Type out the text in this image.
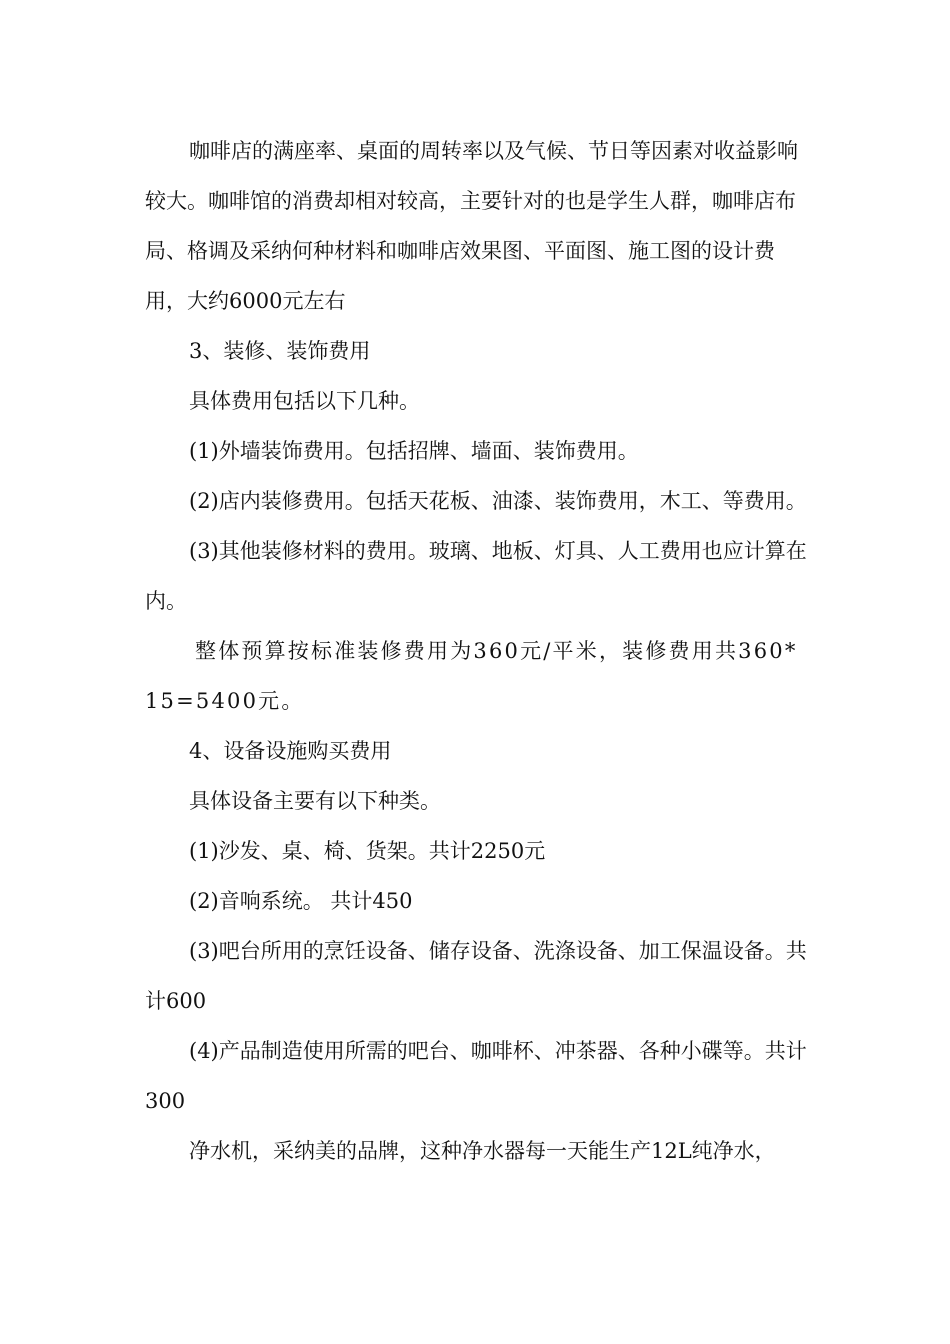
咖啡店的满座率、桌面的周转率以及气候、节日等因素对收益影响较大。咖啡馆的消费却相对较高，主要针对的也是学生人群，咖啡店布局、格调及采纳何种材料和咖啡店效果图、平面图、施工图的设计费用，大约6000元左右

3、装修、装饰费用

具体费用包括以下几种。

(1)外墙装饰费用。包括招牌、墙面、装饰费用。

(2)店内装修费用。包括天花板、油漆、装饰费用，木工、等费用。

(3)其他装修材料的费用。玻璃、地板、灯具、人工费用也应计算在内。

整体预算按标准装修费用为360元/平米，装修费用共360*15=5400元。

4、设备设施购买费用

具体设备主要有以下种类。

(1)沙发、桌、椅、货架。共计2250元

(2)音响系统。 共计450

(3)吧台所用的烹饪设备、储存设备、洗涤设备、加工保温设备。共计600

(4)产品制造使用所需的吧台、咖啡杯、冲茶器、各种小碟等。共计300

净水机，采纳美的品牌，这种净水器每一天能生产12L纯净水，
